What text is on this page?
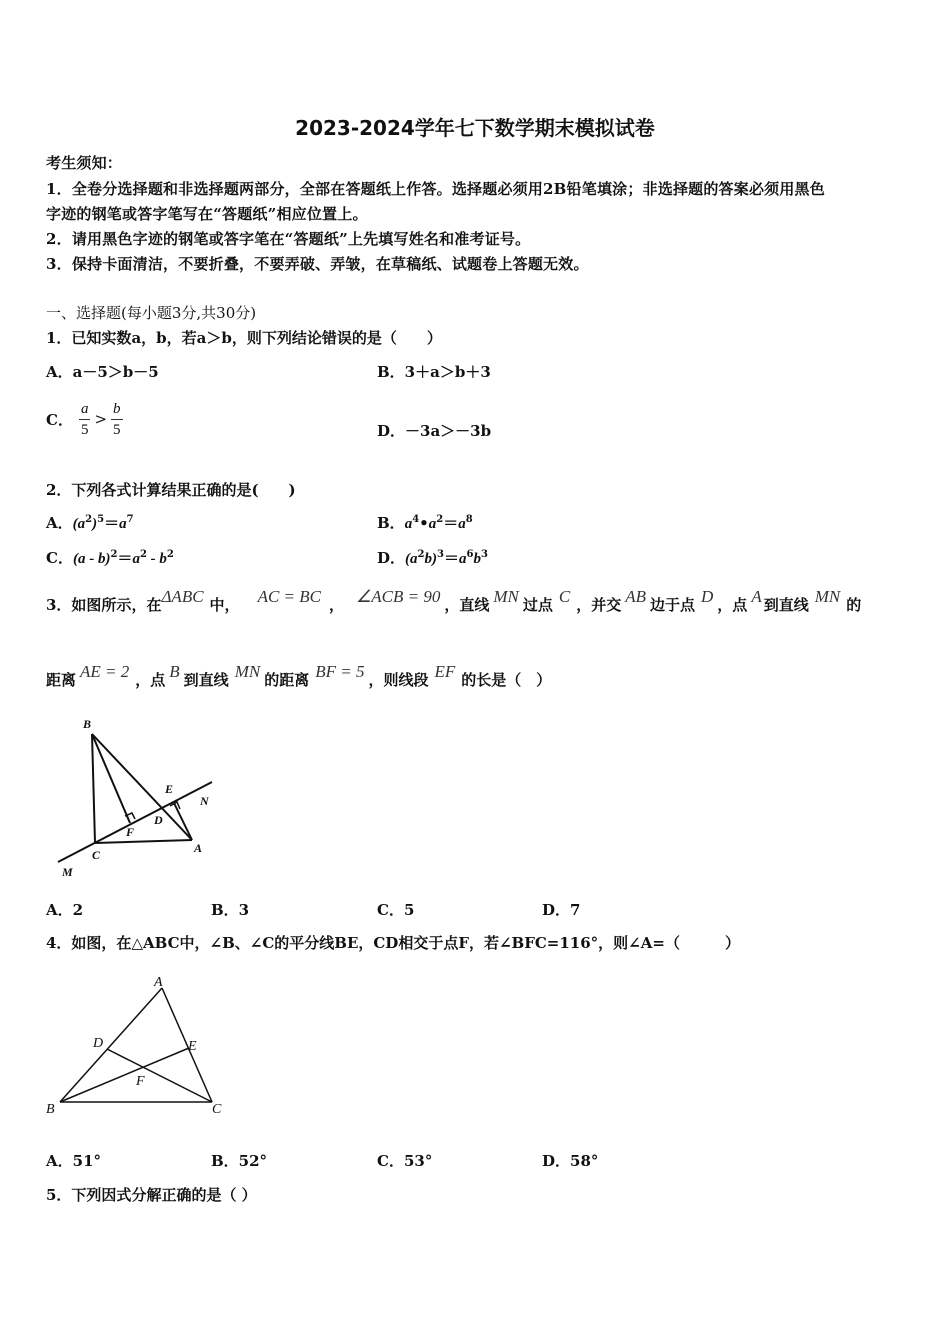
2023-2024学年七下数学期末模拟试卷
考生须知：
1．全卷分选择题和非选择题两部分，全部在答题纸上作答。选择题必须用2B铅笔填涂；非选择题的答案必须用黑色
字迹的钢笔或答字笔写在“答题纸”相应位置上。
2．请用黑色字迹的钢笔或答字笔在“答题纸”上先填写姓名和准考证号。
3．保持卡面清洁，不要折叠，不要弄破、弄皱，在草稿纸、试题卷上答题无效。
一、选择题(每小题3分,共30分)
1．已知实数a，b，若a＞b，则下列结论错误的是（　　）
A．a－5＞b－5	B．3＋a＞b＋3
C． $\frac{a}{5} > \frac{b}{5}$	D．－3a＞－3b
2．下列各式计算结果正确的是(　　)
A．$(a^2)^5=a^7$	B．$a^4•a^2=a^8$
C．$(a - b)^2=a^2 - b^2$	D．$(a^2b)^3=a^6b^3$
3．如图所示，在ΔABC 中， AC = BC ， ∠ACB = 90 ，直线 MN 过点 C ，并交 AB 边于点 D ，点 A 到直线 MN 的
距离 AE = 2 ，点 B 到直线 MN 的距离 BF = 5 ，则线段 EF 的长是（　）
B
E
N
D
F
C	A
M
A．2	B．3	C．5	D．7
4．如图，在△ABC中，∠B、∠C的平分线BE，CD相交于点F，若∠BFC=116°，则∠A=（　　　）
A
D	E
F
B	C
A．51°	B．52°	C．53°	D．58°
5．下列因式分解正确的是（ ）
